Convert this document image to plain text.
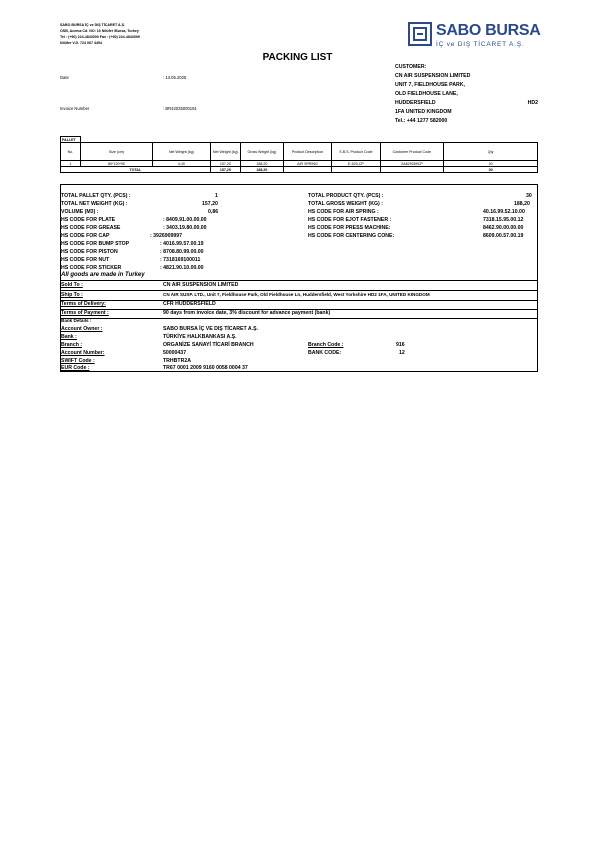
SABO BURSA İÇ ve DIŞ TİCARET A.Ş.
OSB, Acema Cd. NO: 16 Nilüfer /Bursa, Turkey
Tel : (+90) 224-4843000 Fax : (+90) 224-4843099
Nilüfer V.D. 724 067 4494
SABO BURSA
İÇ ve DIŞ TİCARET A.Ş.
PACKING LIST
Date	: 13.05.2025
Invoice Number	: BR42025000191
CUSTOMER:
CN AIR SUSPENSION LIMITED
UNIT 7, FIELDHOUSE PARK,
OLD FIELDHOUSE LANE,
HUDDERSFIELD	HD2
1FA UNITED KINGDOM
Tel.: +44 1277 582000
PALLET								
No.	Size (cm)	Net Weight (kg)	Net Weight (kg)	Gross Weight (kg)	Product Description	S.B.S. Product Code	Customer Product Code	Qty
1	80*120*90	4,40	157,20	188,20	AIR SPRING	E-629-CP	SA629059CP	30
TOTAL			157,20	188,20				30
TOTAL PALLET QTY. (PCS) :	1
TOTAL NET WEIGHT (KG) :	157,20
VOLUME (M3) :	0,86
HS CODE FOR PLATE	: 8409.91.00.00.00
HS CODE FOR GREASE	: 3403.19.80.00.00
HS CODE FOR CAP	: 3926909997
HS CODE FOR BUMP STOP	: 4016.99.57.00.19
HS CODE FOR PISTON	: 8708.80.99.00.00
HS CODE FOR NUT	: 7318169100011
HS CODE FOR STICKER	: 4821.90.10.00.00
TOTAL PRODUCT QTY. (PCS) :	30
TOTAL GROSS WEIGHT (KG) :	188,20
HS CODE FOR AIR SPRING :	40.16.99.52.10.00
HS CODE FOR EJOT FASTENER :	7318.15.95.00.12
HS CODE FOR PRESS MACHINE:	8462.90.00.00.00
HS CODE FOR CENTERING CONE:	8609.00.57.00.19
All goods are made in Turkey
Sold To :	CN AIR SUSPENSION LIMITED
Ship To :	CN AIR SUSP. LTD., Unit 7, Fieldhouse Park, Old Fieldhouse Ln, Huddersfield, West Yorkshire HD2 1FA, UNITED KINGDOM
Terms of Delivery:	CFR HUDDERSFIELD
Terms of Payment :	90 days from invoice date, 3% discount for advance payment (bank)
Bank Details :
Account Owner :	SABO BURSA İÇ VE DIŞ TİCARET A.Ş.
Bank :	TÜRKİYE HALKBANKASI A.Ş.
Branch :	ORGANİZE SANAYİ TİCARİ BRANCH	Branch Code :	916
Account Number:	50000437	BANK CODE:	12
SWIFT Code :	TRHBTR2A
EUR Code :	TR67 0001 2009 9160 0058 0004 37
